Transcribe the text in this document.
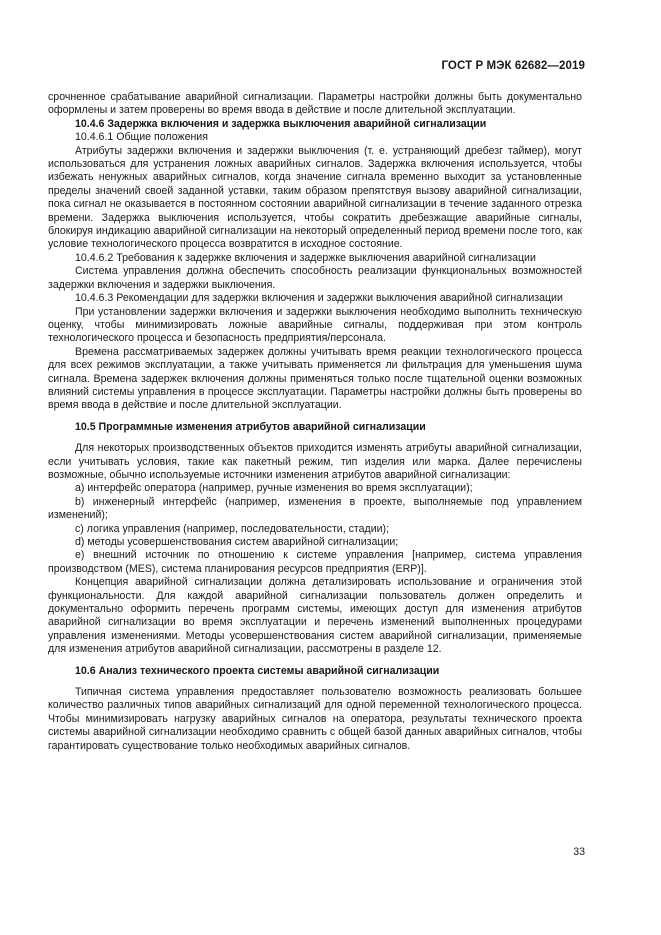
ГОСТ Р МЭК 62682—2019

срочненное срабатывание аварийной сигнализации. Параметры настройки должны быть документально оформлены и затем проверены во время ввода в действие и после длительной эксплуатации.

10.4.6 Задержка включения и задержка выключения аварийной сигнализации

10.4.6.1 Общие положения

Атрибуты задержки включения и задержки выключения (т. е. устраняющий дребезг таймер), могут использоваться для устранения ложных аварийных сигналов. Задержка включения используется, чтобы избежать ненужных аварийных сигналов, когда значение сигнала временно выходит за установленные пределы значений своей заданной уставки, таким образом препятствуя вызову аварийной сигнализации, пока сигнал не оказывается в постоянном состоянии аварийной сигнализации в течение заданного отрезка времени. Задержка выключения используется, чтобы сократить дребезжащие аварийные сигналы, блокируя индикацию аварийной сигнализации на некоторый определенный период времени после того, как условие технологического процесса возвратится в исходное состояние.

10.4.6.2 Требования к задержке включения и задержке выключения аварийной сигнализации

Система управления должна обеспечить способность реализации функциональных возможностей задержки включения и задержки выключения.

10.4.6.3 Рекомендации для задержки включения и задержки выключения аварийной сигнализации

При установлении задержки включения и задержки выключения необходимо выполнить техническую оценку, чтобы минимизировать ложные аварийные сигналы, поддерживая при этом контроль технологического процесса и безопасность предприятия/персонала.

Времена рассматриваемых задержек должны учитывать время реакции технологического процесса для всех режимов эксплуатации, а также учитывать применяется ли фильтрация для уменьшения шума сигнала. Времена задержек включения должны применяться только после тщательной оценки возможных влияний системы управления в процессе эксплуатации. Параметры настройки должны быть проверены во время ввода в действие и после длительной эксплуатации.

10.5 Программные изменения атрибутов аварийной сигнализации

Для некоторых производственных объектов приходится изменять атрибуты аварийной сигнализации, если учитывать условия, такие как пакетный режим, тип изделия или марка. Далее перечислены возможные, обычно используемые источники изменения атрибутов аварийной сигнализации:

a) интерфейс оператора (например, ручные изменения во время эксплуатации);

b) инженерный интерфейс (например, изменения в проекте, выполняемые под управлением изменений);

c) логика управления (например, последовательности, стадии);

d) методы усовершенствования систем аварийной сигнализации;

e) внешний источник по отношению к системе управления [например, система управления производством (MES), система планирования ресурсов предприятия (ERP)].

Концепция аварийной сигнализации должна детализировать использование и ограничения этой функциональности. Для каждой аварийной сигнализации пользователь должен определить и документально оформить перечень программ системы, имеющих доступ для изменения атрибутов аварийной сигнализации во время эксплуатации и перечень изменений выполненных процедурами управления изменениями. Методы усовершенствования систем аварийной сигнализации, применяемые для изменения атрибутов аварийной сигнализации, рассмотрены в разделе 12.

10.6 Анализ технического проекта системы аварийной сигнализации

Типичная система управления предоставляет пользователю возможность реализовать большее количество различных типов аварийных сигнализаций для одной переменной технологического процесса. Чтобы минимизировать нагрузку аварийных сигналов на оператора, результаты технического проекта системы аварийной сигнализации необходимо сравнить с общей базой данных аварийных сигналов, чтобы гарантировать существование только необходимых аварийных сигналов.

33
